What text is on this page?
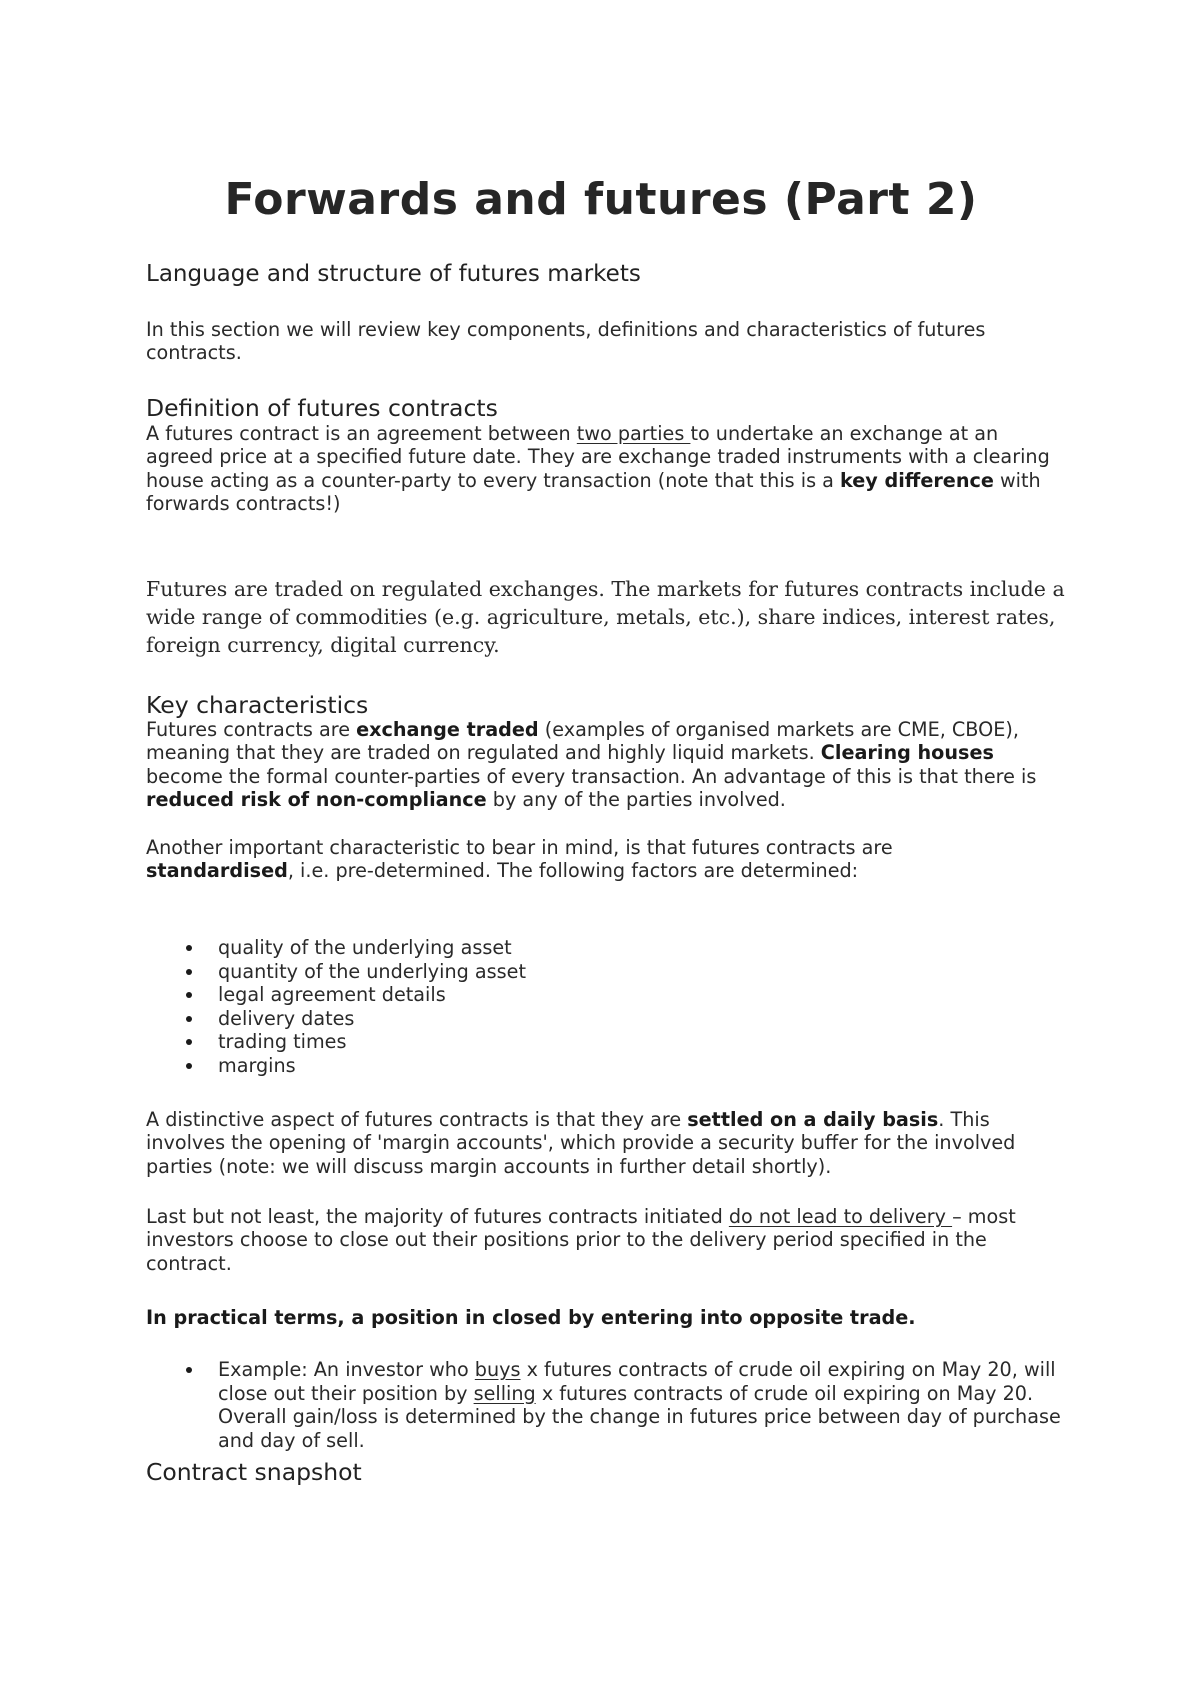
Forwards and futures (Part 2)
Language and structure of futures markets
In this section we will review key components, definitions and characteristics of futures contracts.
Definition of futures contracts
A futures contract is an agreement between two parties to undertake an exchange at an agreed price at a specified future date. They are exchange traded instruments with a clearing house acting as a counter-party to every transaction (note that this is a key difference with forwards contracts!)
Futures are traded on regulated exchanges. The markets for futures contracts include a wide range of commodities (e.g. agriculture, metals, etc.), share indices, interest rates, foreign currency, digital currency.
Key characteristics
Futures contracts are exchange traded (examples of organised markets are CME, CBOE), meaning that they are traded on regulated and highly liquid markets. Clearing houses become the formal counter-parties of every transaction. An advantage of this is that there is reduced risk of non-compliance by any of the parties involved.
Another important characteristic to bear in mind, is that futures contracts are standardised, i.e. pre-determined. The following factors are determined:
quality of the underlying asset
quantity of the underlying asset
legal agreement details
delivery dates
trading times
margins
A distinctive aspect of futures contracts is that they are settled on a daily basis. This involves the opening of 'margin accounts', which provide a security buffer for the involved parties (note: we will discuss margin accounts in further detail shortly).
Last but not least, the majority of futures contracts initiated do not lead to delivery – most investors choose to close out their positions prior to the delivery period specified in the contract.
In practical terms, a position in closed by entering into opposite trade.
Example: An investor who buys x futures contracts of crude oil expiring on May 20, will close out their position by selling x futures contracts of crude oil expiring on May 20. Overall gain/loss is determined by the change in futures price between day of purchase and day of sell.
Contract snapshot
